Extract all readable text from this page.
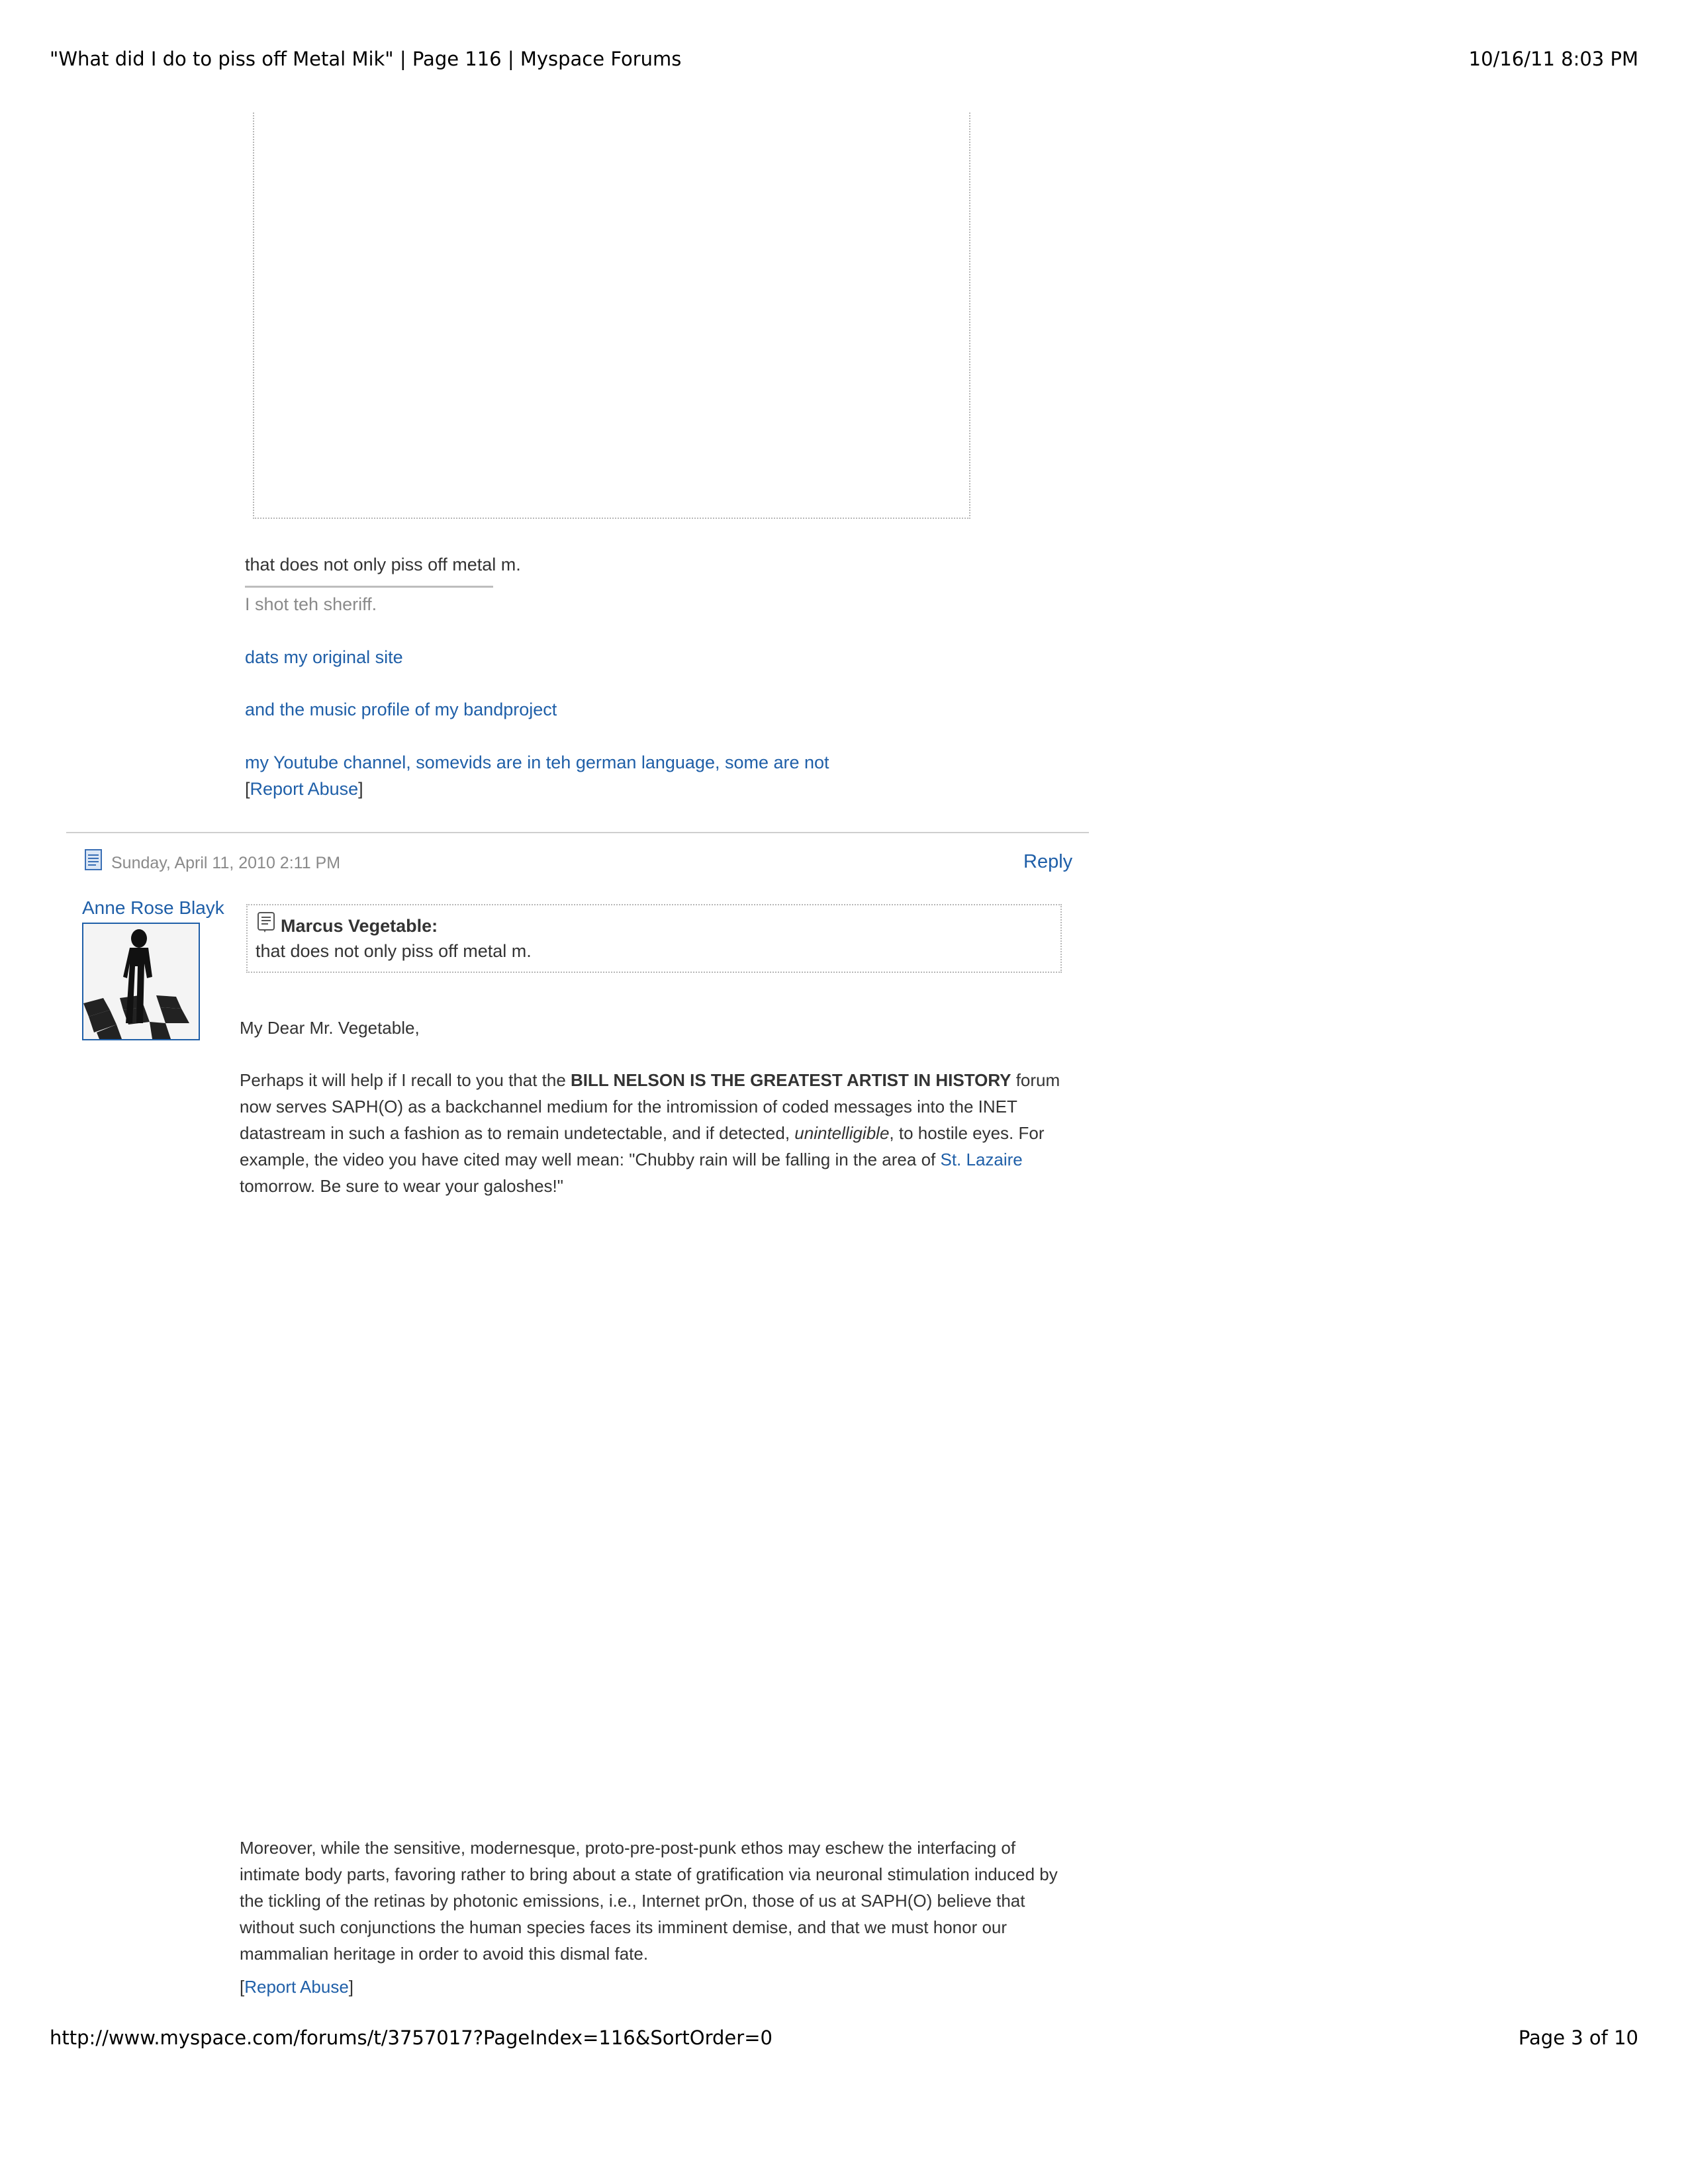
"What did I do to piss off Metal Mik" | Page 116 | Myspace Forums	10/16/11 8:03 PM
that does not only piss off metal m.
I shot teh sheriff.
dats my original site
and the music profile of my bandproject
my Youtube channel, somevids are in teh german language, some are not
[Report Abuse]
Sunday, April 11, 2010 2:11 PM	Reply
Anne Rose Blayk
Marcus Vegetable:
that does not only piss off metal m.
My Dear Mr. Vegetable,
Perhaps it will help if I recall to you that the BILL NELSON IS THE GREATEST ARTIST IN HISTORY forum now serves SAPH(O) as a backchannel medium for the intromission of coded messages into the INET datastream in such a fashion as to remain undetectable, and if detected, unintelligible, to hostile eyes. For example, the video you have cited may well mean: "Chubby rain will be falling in the area of St. Lazaire tomorrow. Be sure to wear your galoshes!"
Moreover, while the sensitive, modernesque, proto-pre-post-punk ethos may eschew the interfacing of intimate body parts, favoring rather to bring about a state of gratification via neuronal stimulation induced by the tickling of the retinas by photonic emissions, i.e., Internet prOn, those of us at SAPH(O) believe that without such conjunctions the human species faces its imminent demise, and that we must honor our mammalian heritage in order to avoid this dismal fate.
[Report Abuse]
http://www.myspace.com/forums/t/3757017?PageIndex=116&SortOrder=0	Page 3 of 10
